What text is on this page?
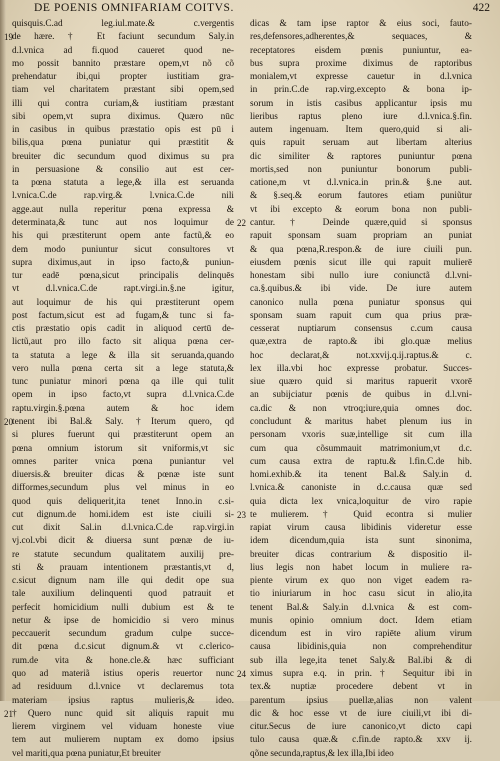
DE POENIS OMNIFARIAM COITVS.	422
quisquis.C.ad leg.iul.mate.& c.vergentis
19 de hære. † Et faciunt secundum Saly.in
d.l.vnica ad fi.quod caueret quod ne-
mo possit bannito præstare opem,vt nõ cõ
prehendatur ibi,qui propter iustitiam gra-
tiam vel charitatem præstant sibi opem,sed
illi qui contra curiam,& iustitiam præstant
sibi opem,vt supra diximus. Quæro nūc
in casibus in quibus præstatio opis est pū i
bilis,qua pœna puniatur qui præstitit &
breuiter dic secundum quod diximus su pra
in persuasione & consilio aut est cer-
ta pœna statuta a lege,& illa est seruanda
l.vnica.C.de rap.virg.& l.vnica.C.de nili
agge.aut nulla reperitur pœna expressa &
determinata,& tunc aut nos loquimur de
his qui præstiterunt opem ante factũ,& eo
dem modo puniuntur sicut consultores vt
supra diximus,aut in ipso facto,& puniun-
tur eadē pœna,sicut principalis delinquēs
vt d.l.vnica.C.de rapt.virgi.in.§.ne igitur,
aut loquimur de his qui præstiterunt opem
post factum,sicut est ad fugam,& tunc si fa-
ctis præstatio opis cadit in aliquod certū de-
lictũ,aut pro illo facto sit aliqua pœna cer-
ta statuta a lege & illa sit seruanda,quando
vero nulla pœna certa sit a lege statuta,&
tunc puniatur minori pœna qa ille qui tulit
opem in ipso facto,vt supra d.l.vnica.C.de
raptu.virgin.§.pœna autem & hoc idem
20 tenent ibi Bal.& Saly. †Iterum quero, qd
si plures fuerunt qui præstiterunt opem an
pœna omnium istorum sit vniformis,vt sic
omnes pariter vnica pœna puniantur vel
diuersis.& breuiter dicas & pœnæ iste sunt
difformes,secundum plus vel minus in eo
quod quis deliquerit,ita tenet Inno.in c.si-
cut dignum.de homi.idem est iste ciuili si-
cut dixit Sal.in d.l.vnica.C.de rap.virgi.in
vj.col.vbi dicit & diuersa sunt pœnæ de iu-
re statute secundum qualitatem auxilij pre-
sti & prauam intentionem præstantis,vt d,
c.sicut dignum nam ille qui dedit ope sua
tale auxilium delinquenti quod patrauit et
perfecit homicidium nulli dubium est & te
netur & ipse de homicidio si vero minus
peccauerit secundum gradum culpe succe-
dit pœna d.c.sicut dignum.& vt c.clerico-
rum.de vita & hone.cle.& hæc sufficiant
quo ad materiã istius operis reuertor nunc
ad residuum d.l.vnice vt declaremus tota
materiam ipsius raptus mulieris,& ideo.
21 †Quero nunc quid sit aliquis rapuit mu
lierem virginem vel viduam honeste viue
tem aut mulierem nuptam ex domo ipsius
vel mariti,qua pœna puniatur,Et breuiter
dicas & tam ipse raptor & eius soci, fauto-
res,defensores,adherentes,& sequaces, &
receptatores eisdem pœnis puniuntur, ea-
bus supra proxime diximus de raptoribus
monialem,vt expresse cauetur in d.l.vnica
in prin.C.de rap.virg.excepto & bona ip-
sorum in istis casibus applicantur ipsis mu
lieribus raptus pleno iure d.l.vnica.§.fin.
autem ingenuam. Item quero,quid si ali-
quis rapuit seruam aut libertam alterius
dic similiter & raptores puniuntur pœna
mortis,sed non puniuntur bonorum publi-
catione,m vt d.l.vnica.in prin.& §.ne aut.
& §.seq.& eorum fautores etiam puniũtur
vt ibi excepto & eorum bona non publi-
22 cantur. † Deinde quære,quid si sponsus
rapuit sponsam suam propriam an puniat
& qua pœna,R.respon.& de iure ciuili pun.
eiusdem pœnis sicut ille qui rapuit mulierē
honestam sibi nullo iure coniunctã d.l.vni-
ca.§.quibus.& ibi vide. De iure autem
canonico nulla pœna puniatur sponsus qui
sponsam suam rapuit cum qua prius præ-
cesserat nuptiarum consensus c.cum causa
quæ,extra de rapto.& ibi glo.quæ melius
hoc declarat,& not.xxvij.q.ij.raptus.& c.
lex illa.vbi hoc expresse probatur. Succes-
siue quæro quid si maritus rapuerit vxorē
an subijciatur pœnis de quibus in d.l.vni-
ca.dic & non vtroq;iure,quia omnes doc.
concludunt & maritus habet plenum ius in
personam vxoris suæ,intellige sit cum illa
cum qua cõsummauit matrimonium,vt d.c.
cum causa extra de raptu.& l.fin.C.de hib.
homi.exhib.& ita tenent Bal.& Saly.in d.
l.vnica.& canoniste in d.c.causa quæ sed
quia dicta lex vnica,loquitur de viro rapie
23 te mulierem. † Quid econtra si mulier
rapiat virum causa libidinis videretur esse
idem dicendum,quia ista sunt sinonima,
breuiter dicas contrarium & dispositio il-
lius legis non habet locum in muliere ra-
piente virum ex quo non viget eadem ra-
tio iniuriarum in hoc casu sicut in alio,ita
tenent Bal.& Saly.in d.l.vnica & est com-
munis opinio omnium doct. Idem etiam
dicendum est in viro rapiēte alium virum
causa libidinis,quia non comprehenditur
sub illa lege,ita tenet Saly.& Bal.ibi & di
24 ximus supra e.q. in prin.† Sequitur ibi in
tex.& nuptiæ procedere debent vt in
parentum ipsius puellæ,alias non valent
dic & hoc esse vt de iure ciuili,vt ibi di-
citur.Secus de iure canonico,vt dicto capi
tulo causa quæ.& c.fin.de rapto.& xxv ij.
qõne secunda,raptus,& lex illa,Ibi ideo
